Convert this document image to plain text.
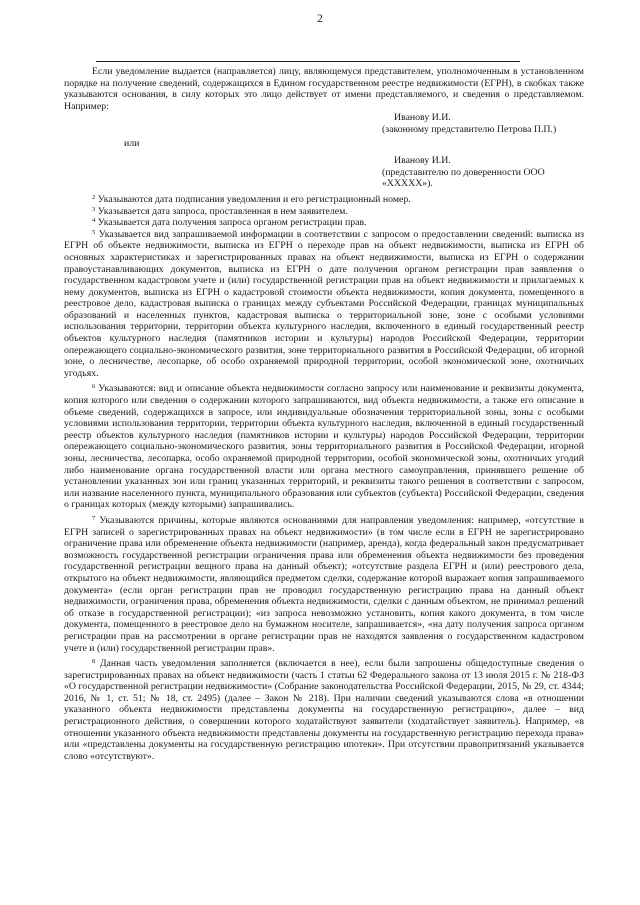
2

Если уведомление выдается (направляется) лицу, являющемуся представителем, уполномоченным в установленном порядке на получение сведений, содержащихся в Едином государственном реестре недвижимости (ЕГРН), в скобках также указываются основания, в силу которых это лицо действует от имени представляемого, и сведения о представляемом. Например:

Иванову И.И.

(законному представителю Петрова П.П.)

или

Иванову И.И.

(представителю по доверенности ООО

«ХХХХХ»).

$^2$ Указываются дата подписания уведомления и его регистрационный номер.

$^3$ Указывается дата запроса, проставленная в нем заявителем.

$^4$ Указывается дата получения запроса органом регистрации прав.

$^5$ Указывается вид запрашиваемой информации в соответствии с запросом о предоставлении сведений: выписка из ЕГРН об объекте недвижимости, выписка из ЕГРН о переходе прав на объект недвижимости, выписка из ЕГРН об основных характеристиках и зарегистрированных правах на объект недвижимости, выписка из ЕГРН о содержании правоустанавливающих документов, выписка из ЕГРН о дате получения органом регистрации прав заявления о государственном кадастровом учете и (или) государственной регистрации прав на объект недвижимости и прилагаемых к нему документов, выписка из ЕГРН о кадастровой стоимости объекта недвижимости, копия документа, помещенного в реестровое дело, кадастровая выписка о границах между субъектами Российской Федерации, границах муниципальных образований и населенных пунктов, кадастровая выписка о территориальной зоне, зоне с особыми условиями использования территории, территории объекта культурного наследия, включенного в единый государственный реестр объектов культурного наследия (памятников истории и культуры) народов Российской Федерации, территории опережающего социально-экономического развития, зоне территориального развития в Российской Федерации, об игорной зоне, о лесничестве, лесопарке, об особо охраняемой природной территории, особой экономической зоне, охотничьих угодьях.

$^6$ Указываются: вид и описание объекта недвижимости согласно запросу или наименование и реквизиты документа, копия которого или сведения о содержании которого запрашиваются, вид объекта недвижимости, а также его описание в объеме сведений, содержащихся в запросе, или индивидуальные обозначения территориальной зоны, зоны с особыми условиями использования территории, территории объекта культурного наследия, включенной в единый государственный реестр объектов культурного наследия (памятников истории и культуры) народов Российской Федерации, территории опережающего социально-экономического развития, зоны территориального развития в Российской Федерации, игорной зоны, лесничества, лесопарка, особо охраняемой природной территории, особой экономической зоны, охотничьих угодий либо наименование органа государственной власти или органа местного самоуправления, принявшего решение об установлении указанных зон или границ указанных территорий, и реквизиты такого решения в соответствии с запросом, или название населенного пункта, муниципального образования или субъектов (субъекта) Российской Федерации, сведения о границах которых (между которыми) запрашивались.

$^7$ Указываются причины, которые являются основаниями для направления уведомления: например, «отсутствие в ЕГРН записей о зарегистрированных правах на объект недвижимости» (в том числе если в ЕГРН не зарегистрировано ограничение права или обременение объекта недвижимости (например, аренда), когда федеральный закон предусматривает возможность государственной регистрации ограничения права или обременения объекта недвижимости без проведения государственной регистрации вещного права на данный объект); «отсутствие раздела ЕГРН и (или) реестрового дела, открытого на объект недвижимости, являющийся предметом сделки, содержание которой выражает копия запрашиваемого документа» (если орган регистрации прав не проводил государственную регистрацию права на данный объект недвижимости, ограничения права, обременения объекта недвижимости, сделки с данным объектом, не принимал решений об отказе в государственной регистрации); «из запроса невозможно установить, копия какого документа, в том числе документа, помещенного в реестровое дело на бумажном носителе, запрашивается», «на дату получения запроса органом регистрации прав на рассмотрении в органе регистрации прав не находятся заявления о государственном кадастровом учете и (или) государственной регистрации прав».

$^8$ Данная часть уведомления заполняется (включается в нее), если были запрошены общедоступные сведения о зарегистрированных правах на объект недвижимости (часть 1 статьи 62 Федерального закона от 13 июля 2015 г. № 218-ФЗ «О государственной регистрации недвижимости» (Собрание законодательства Российской Федерации, 2015, № 29, ст. 4344; 2016, № 1, ст. 51; № 18, ст. 2495) (далее – Закон № 218). При наличии сведений указываются слова «в отношении указанного объекта недвижимости представлены документы на государственную регистрацию», далее – вид регистрационного действия, о совершении которого ходатайствуют заявители (ходатайствует заявитель). Например, «в отношении указанного объекта недвижимости представлены документы на государственную регистрацию перехода права» или «представлены документы на государственную регистрацию ипотеки». При отсутствии правопритязаний указывается слово «отсутствуют».
